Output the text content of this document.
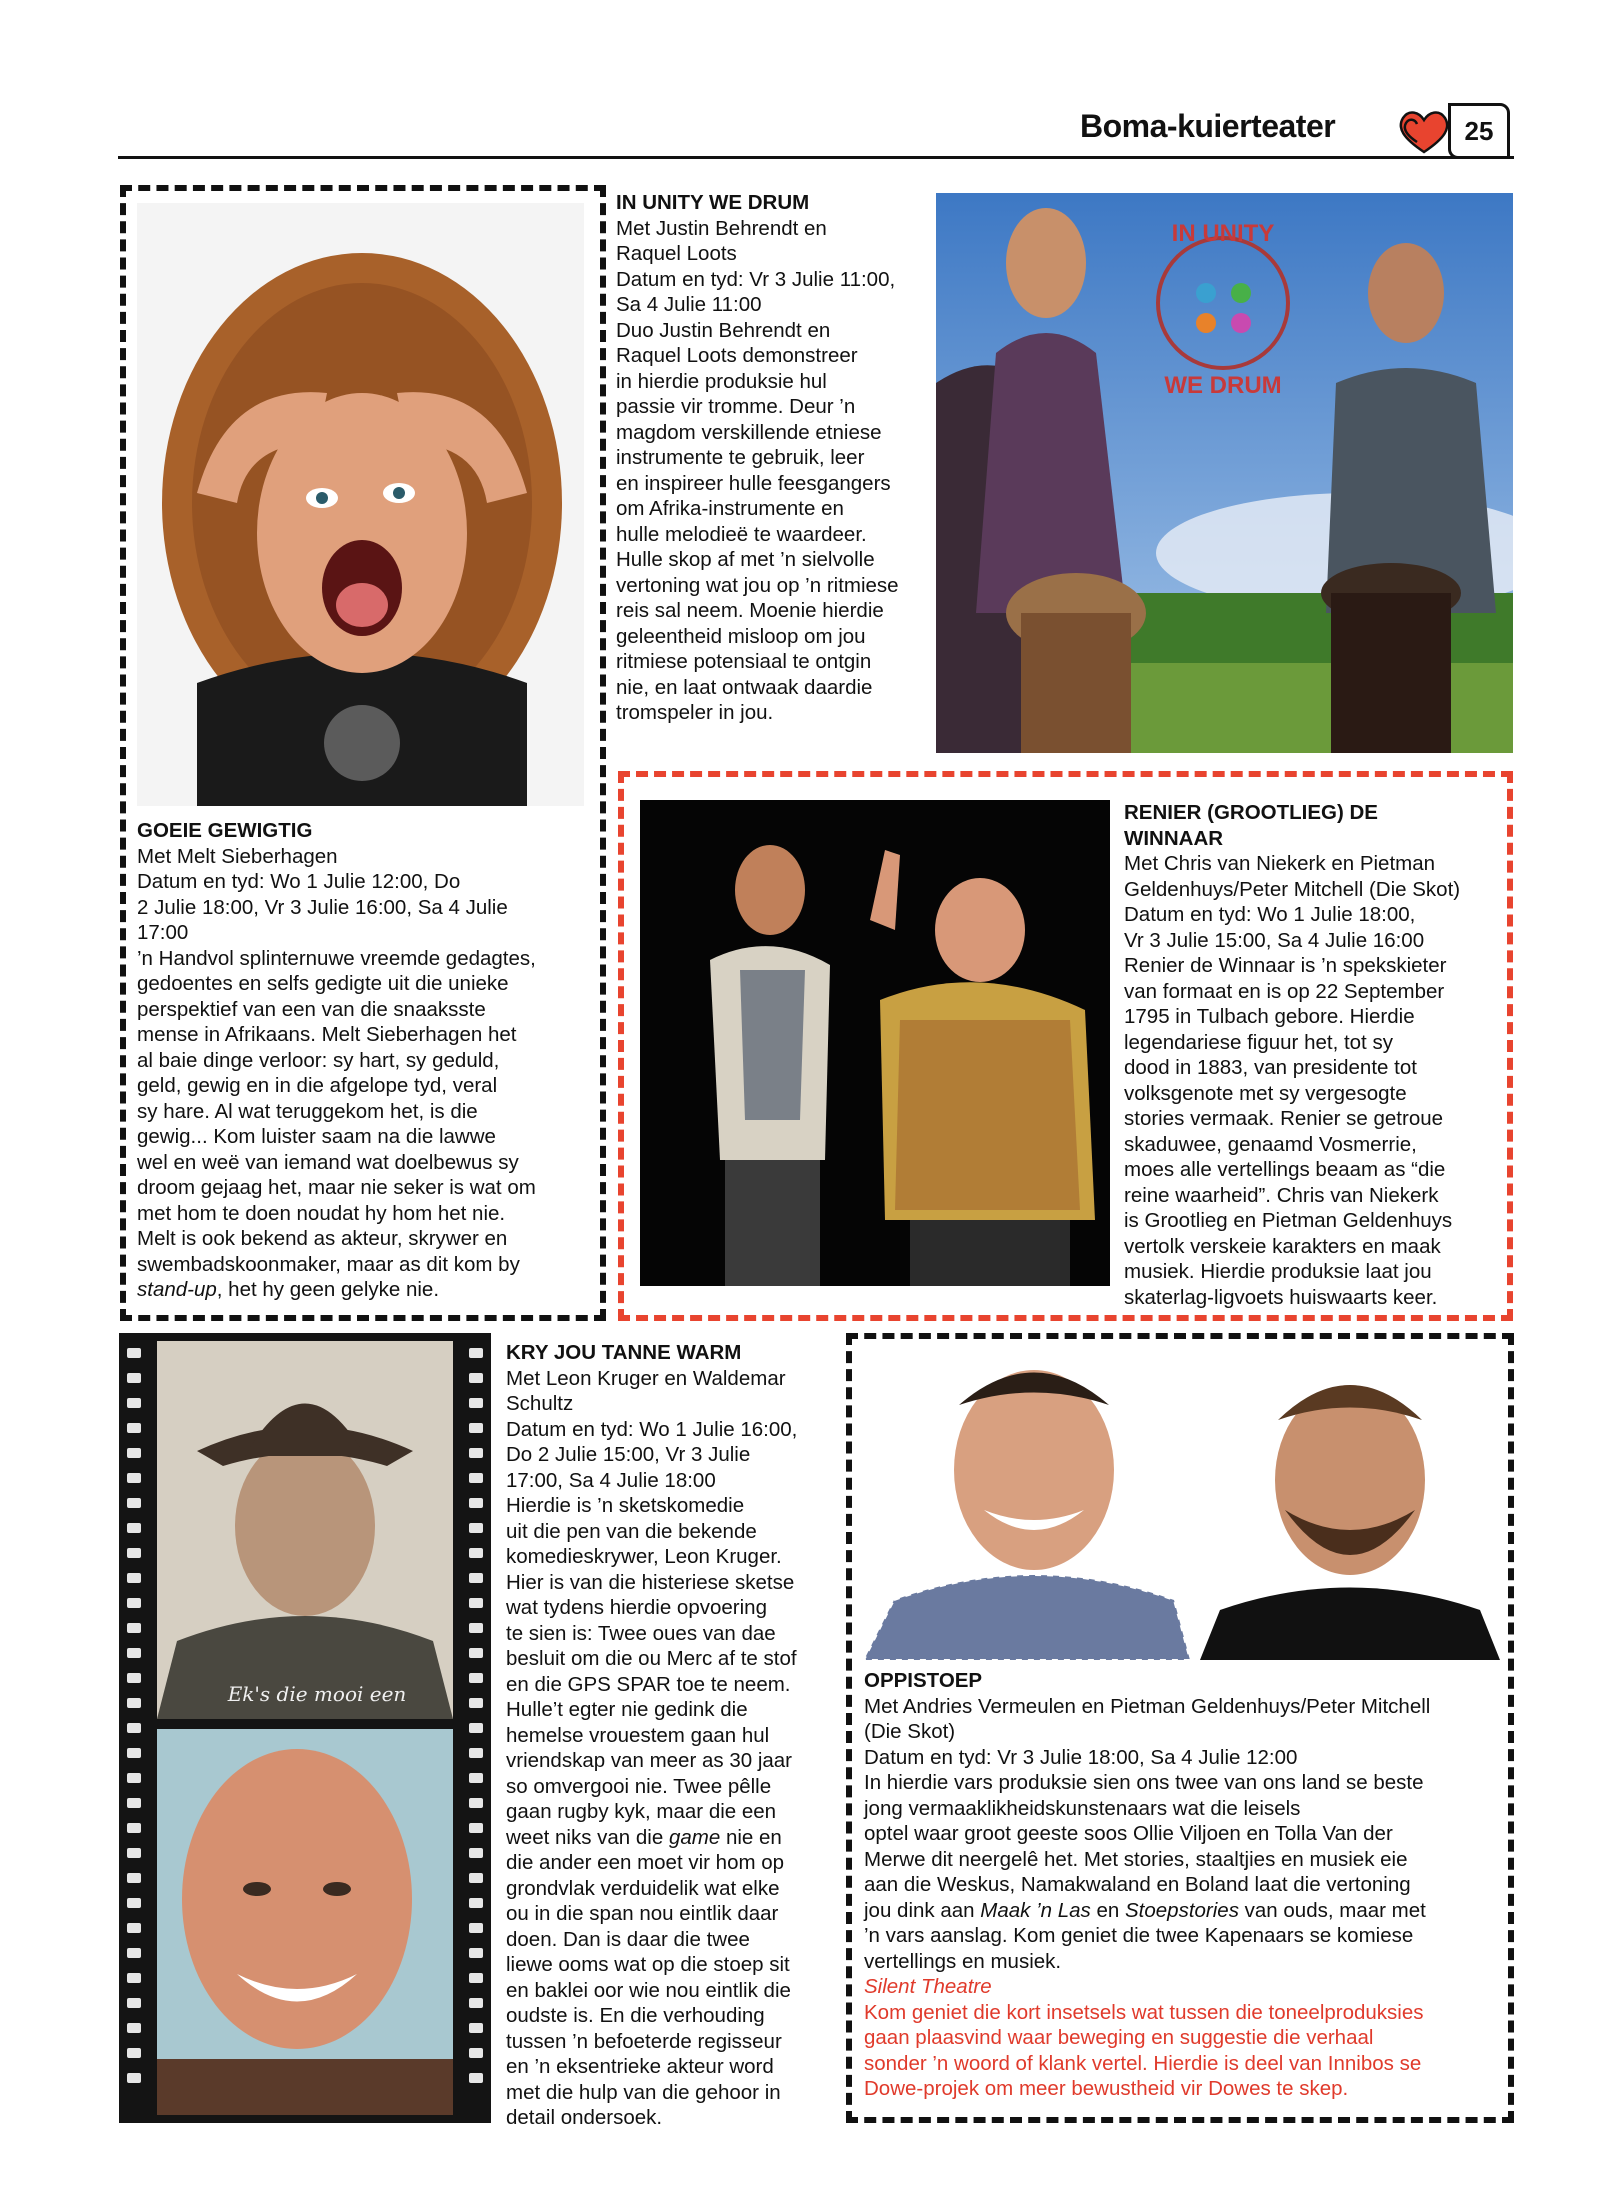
Boma-kuierteater	25
GOEIE GEWIGTIG
Met Melt Sieberhagen
Datum en tyd: Wo 1 Julie 12:00, Do
2 Julie 18:00, Vr 3 Julie 16:00, Sa 4 Julie
17:00
’n Handvol splinternuwe vreemde gedagtes,
gedoentes en selfs gedigte uit die unieke
perspektief van een van die snaaksste
mense in Afrikaans. Melt Sieberhagen het
al baie dinge verloor: sy hart, sy geduld,
geld, gewig en in die afgelope tyd, veral
sy hare. Al wat teruggekom het, is die
gewig... Kom luister saam na die lawwe
wel en weë van iemand wat doelbewus sy
droom gejaag het, maar nie seker is wat om
met hom te doen noudat hy hom het nie.
Melt is ook bekend as akteur, skrywer en
swembadskoonmaker, maar as dit kom by
stand-up, het hy geen gelyke nie.
IN UNITY WE DRUM
Met Justin Behrendt en
Raquel Loots
Datum en tyd: Vr 3 Julie 11:00,
Sa 4 Julie 11:00
Duo Justin Behrendt en
Raquel Loots demonstreer
in hierdie produksie hul
passie vir tromme. Deur ’n
magdom verskillende etniese
instrumente te gebruik, leer
en inspireer hulle feesgangers
om Afrika-instrumente en
hulle melodieë te waardeer.
Hulle skop af met ’n sielvolle
vertoning wat jou op ’n ritmiese
reis sal neem. Moenie hierdie
geleentheid misloop om jou
ritmiese potensiaal te ontgin
nie, en laat ontwaak daardie
tromspeler in jou.
IN UNITY
WE DRUM
RENIER (GROOTLIEG) DE
WINNAAR
Met Chris van Niekerk en Pietman
Geldenhuys/Peter Mitchell (Die Skot)
Datum en tyd: Wo 1 Julie 18:00,
Vr 3 Julie 15:00, Sa 4 Julie 16:00
Renier de Winnaar is ’n spekskieter
van formaat en is op 22 September
1795 in Tulbach gebore. Hierdie
legendariese figuur het, tot sy
dood in 1883, van presidente tot
volksgenote met sy vergesogte
stories vermaak. Renier se getroue
skaduwee, genaamd Vosmerrie,
moes alle vertellings beaam as “die
reine waarheid”. Chris van Niekerk
is Grootlieg en Pietman Geldenhuys
vertolk verskeie karakters en maak
musiek. Hierdie produksie laat jou
skaterlag-ligvoets huiswaarts keer.
Ek's die mooi een
KRY JOU TANNE WARM
Met Leon Kruger en Waldemar
Schultz
Datum en tyd: Wo 1 Julie 16:00,
Do 2 Julie 15:00, Vr 3 Julie
17:00, Sa 4 Julie 18:00
Hierdie is ’n sketskomedie
uit die pen van die bekende
komedieskrywer, Leon Kruger.
Hier is van die histeriese sketse
wat tydens hierdie opvoering
te sien is: Twee oues van dae
besluit om die ou Merc af te stof
en die GPS SPAR toe te neem.
Hulle’t egter nie gedink die
hemelse vrouestem gaan hul
vriendskap van meer as 30 jaar
so omvergooi nie. Twee pêlle
gaan rugby kyk, maar die een
weet niks van die game nie en
die ander een moet vir hom op
grondvlak verduidelik wat elke
ou in die span nou eintlik daar
doen. Dan is daar die twee
liewe ooms wat op die stoep sit
en baklei oor wie nou eintlik die
oudste is. En die verhouding
tussen ’n befoeterde regisseur
en ’n eksentrieke akteur word
met die hulp van die gehoor in
detail ondersoek.
OPPISTOEP
Met Andries Vermeulen en Pietman Geldenhuys/Peter Mitchell
(Die Skot)
Datum en tyd: Vr 3 Julie 18:00, Sa 4 Julie 12:00
In hierdie vars produksie sien ons twee van ons land se beste
jong vermaaklikheidskunstenaars wat die leisels
optel waar groot geeste soos Ollie Viljoen en Tolla Van der
Merwe dit neergelê het. Met stories, staaltjies en musiek eie
aan die Weskus, Namakwaland en Boland laat die vertoning
jou dink aan Maak ’n Las en Stoepstories van ouds, maar met
’n vars aanslag. Kom geniet die twee Kapenaars se komiese
vertellings en musiek.
Silent Theatre
Kom geniet die kort insetsels wat tussen die toneelproduksies
gaan plaasvind waar beweging en suggestie die verhaal
sonder ’n woord of klank vertel. Hierdie is deel van Innibos se
Dowe-projek om meer bewustheid vir Dowes te skep.
